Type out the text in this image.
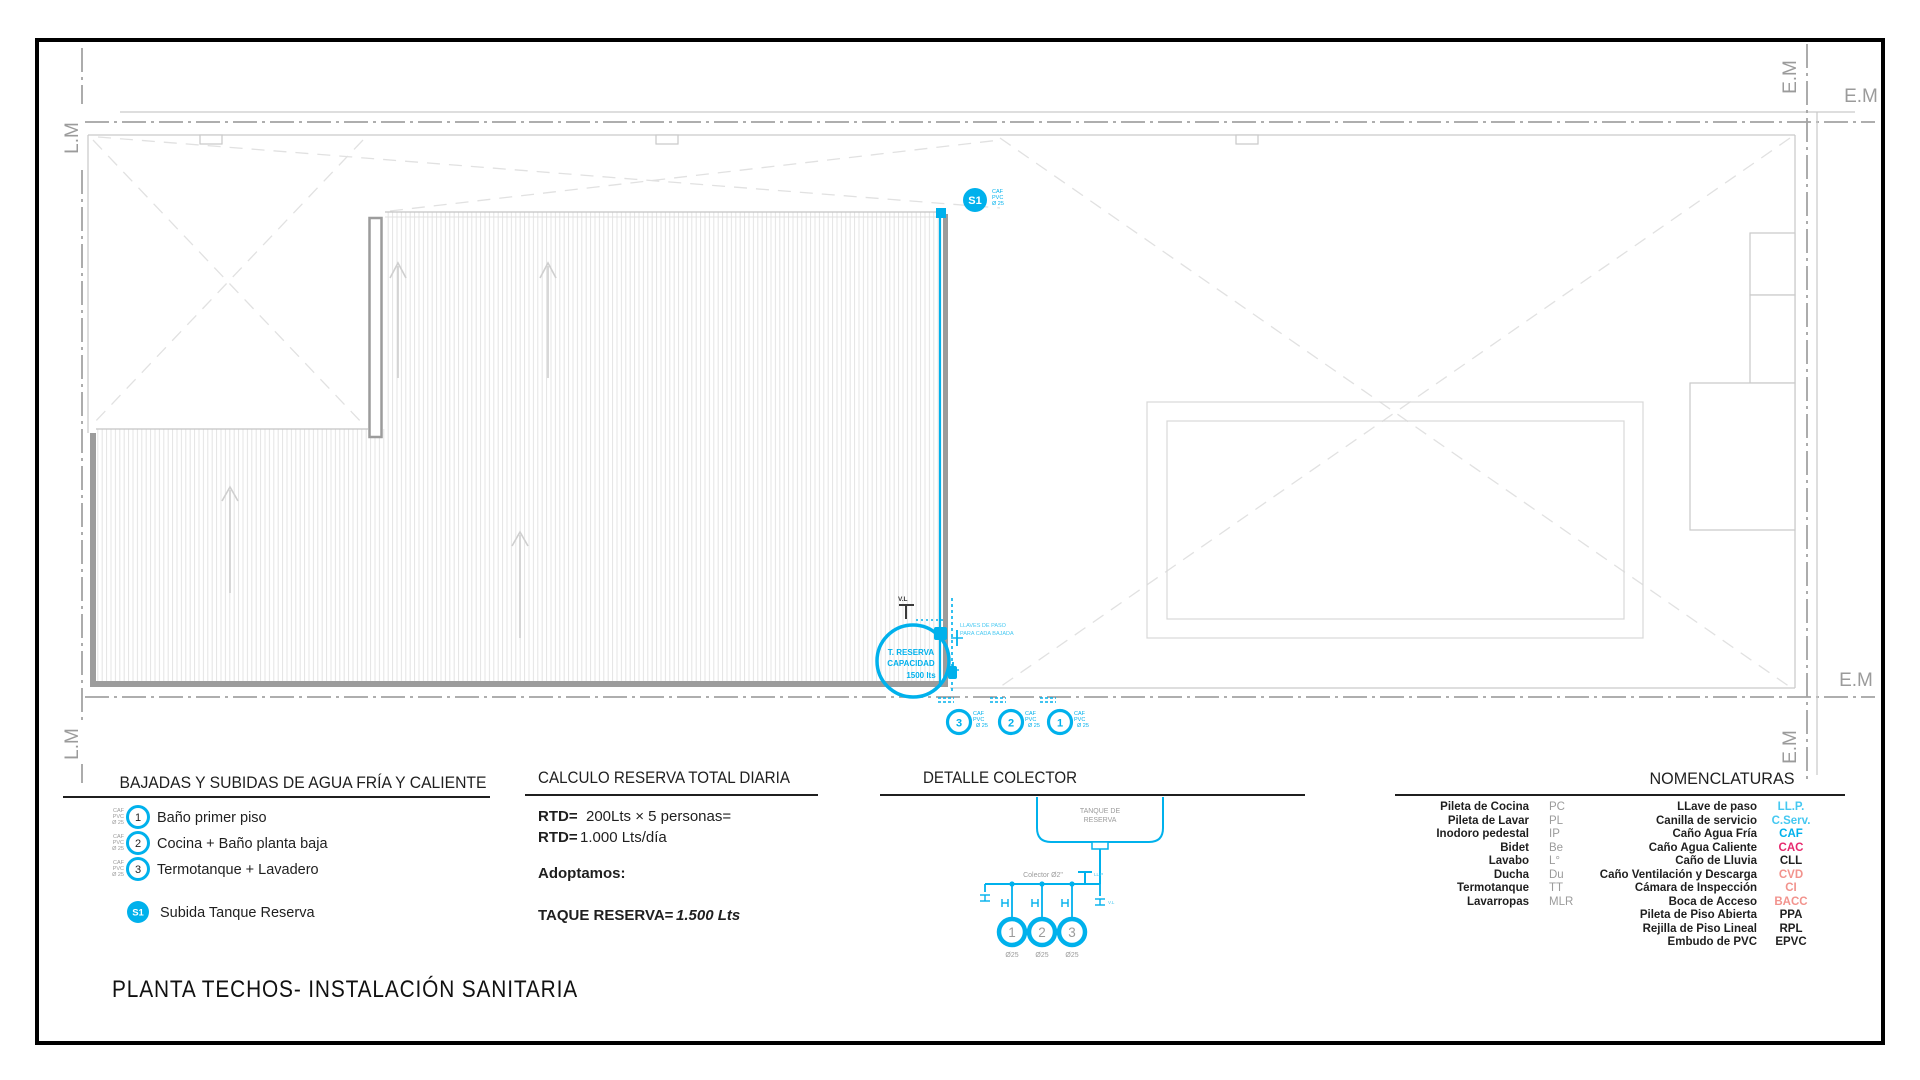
L.M
L.M
E.M
E.M
E.M
E.M
S1
CAF
PVC
Ø 25
V.L
T. RESERVA
CAPACIDAD
1500 lts
LLAVES DE PASO
PARA CADA BAJADA
3
CAF
PVC
Ø 25 2
CAF
PVC
Ø 25 1
CAF
PVC
Ø 25
BAJADAS Y SUBIDAS DE AGUA FRÍA Y CALIENTE
CAF
PVC
Ø 25 1 Baño primer piso
CAF
PVC
Ø 25 2 Cocina + Baño planta baja
CAF
PVC
Ø 25 3 Termotanque + Lavadero
S1 Subida Tanque Reserva
CALCULO RESERVA TOTAL DIARIA
RTD= 200Lts × 5 personas=
RTD= 1.000 Lts/día
Adoptamos:
TAQUE RESERVA= 1.500 Lts
DETALLE COLECTOR
TANQUE DE
RESERVA
Colector Ø2"	LL.P
V.L
1
Ø25
2
Ø25
3
Ø25
NOMENCLATURAS
Pileta de Cocina PC
Pileta de Lavar PL
Inodoro pedestal IP
Bidet Be
Lavabo L°
Ducha Du
Termotanque TT
Lavarropas MLR
LLave de paso LL.P.
Canilla de servicio C.Serv.
Caño Agua Fría CAF
Caño Agua Caliente CAC
Caño de Lluvia CLL
Caño Ventilación y Descarga CVD
Cámara de Inspección CI
Boca de Acceso BACC
Pileta de Piso Abierta PPA
Rejilla de Piso Lineal RPL
Embudo de PVC EPVC
PLANTA TECHOS- INSTALACIÓN SANITARIA
